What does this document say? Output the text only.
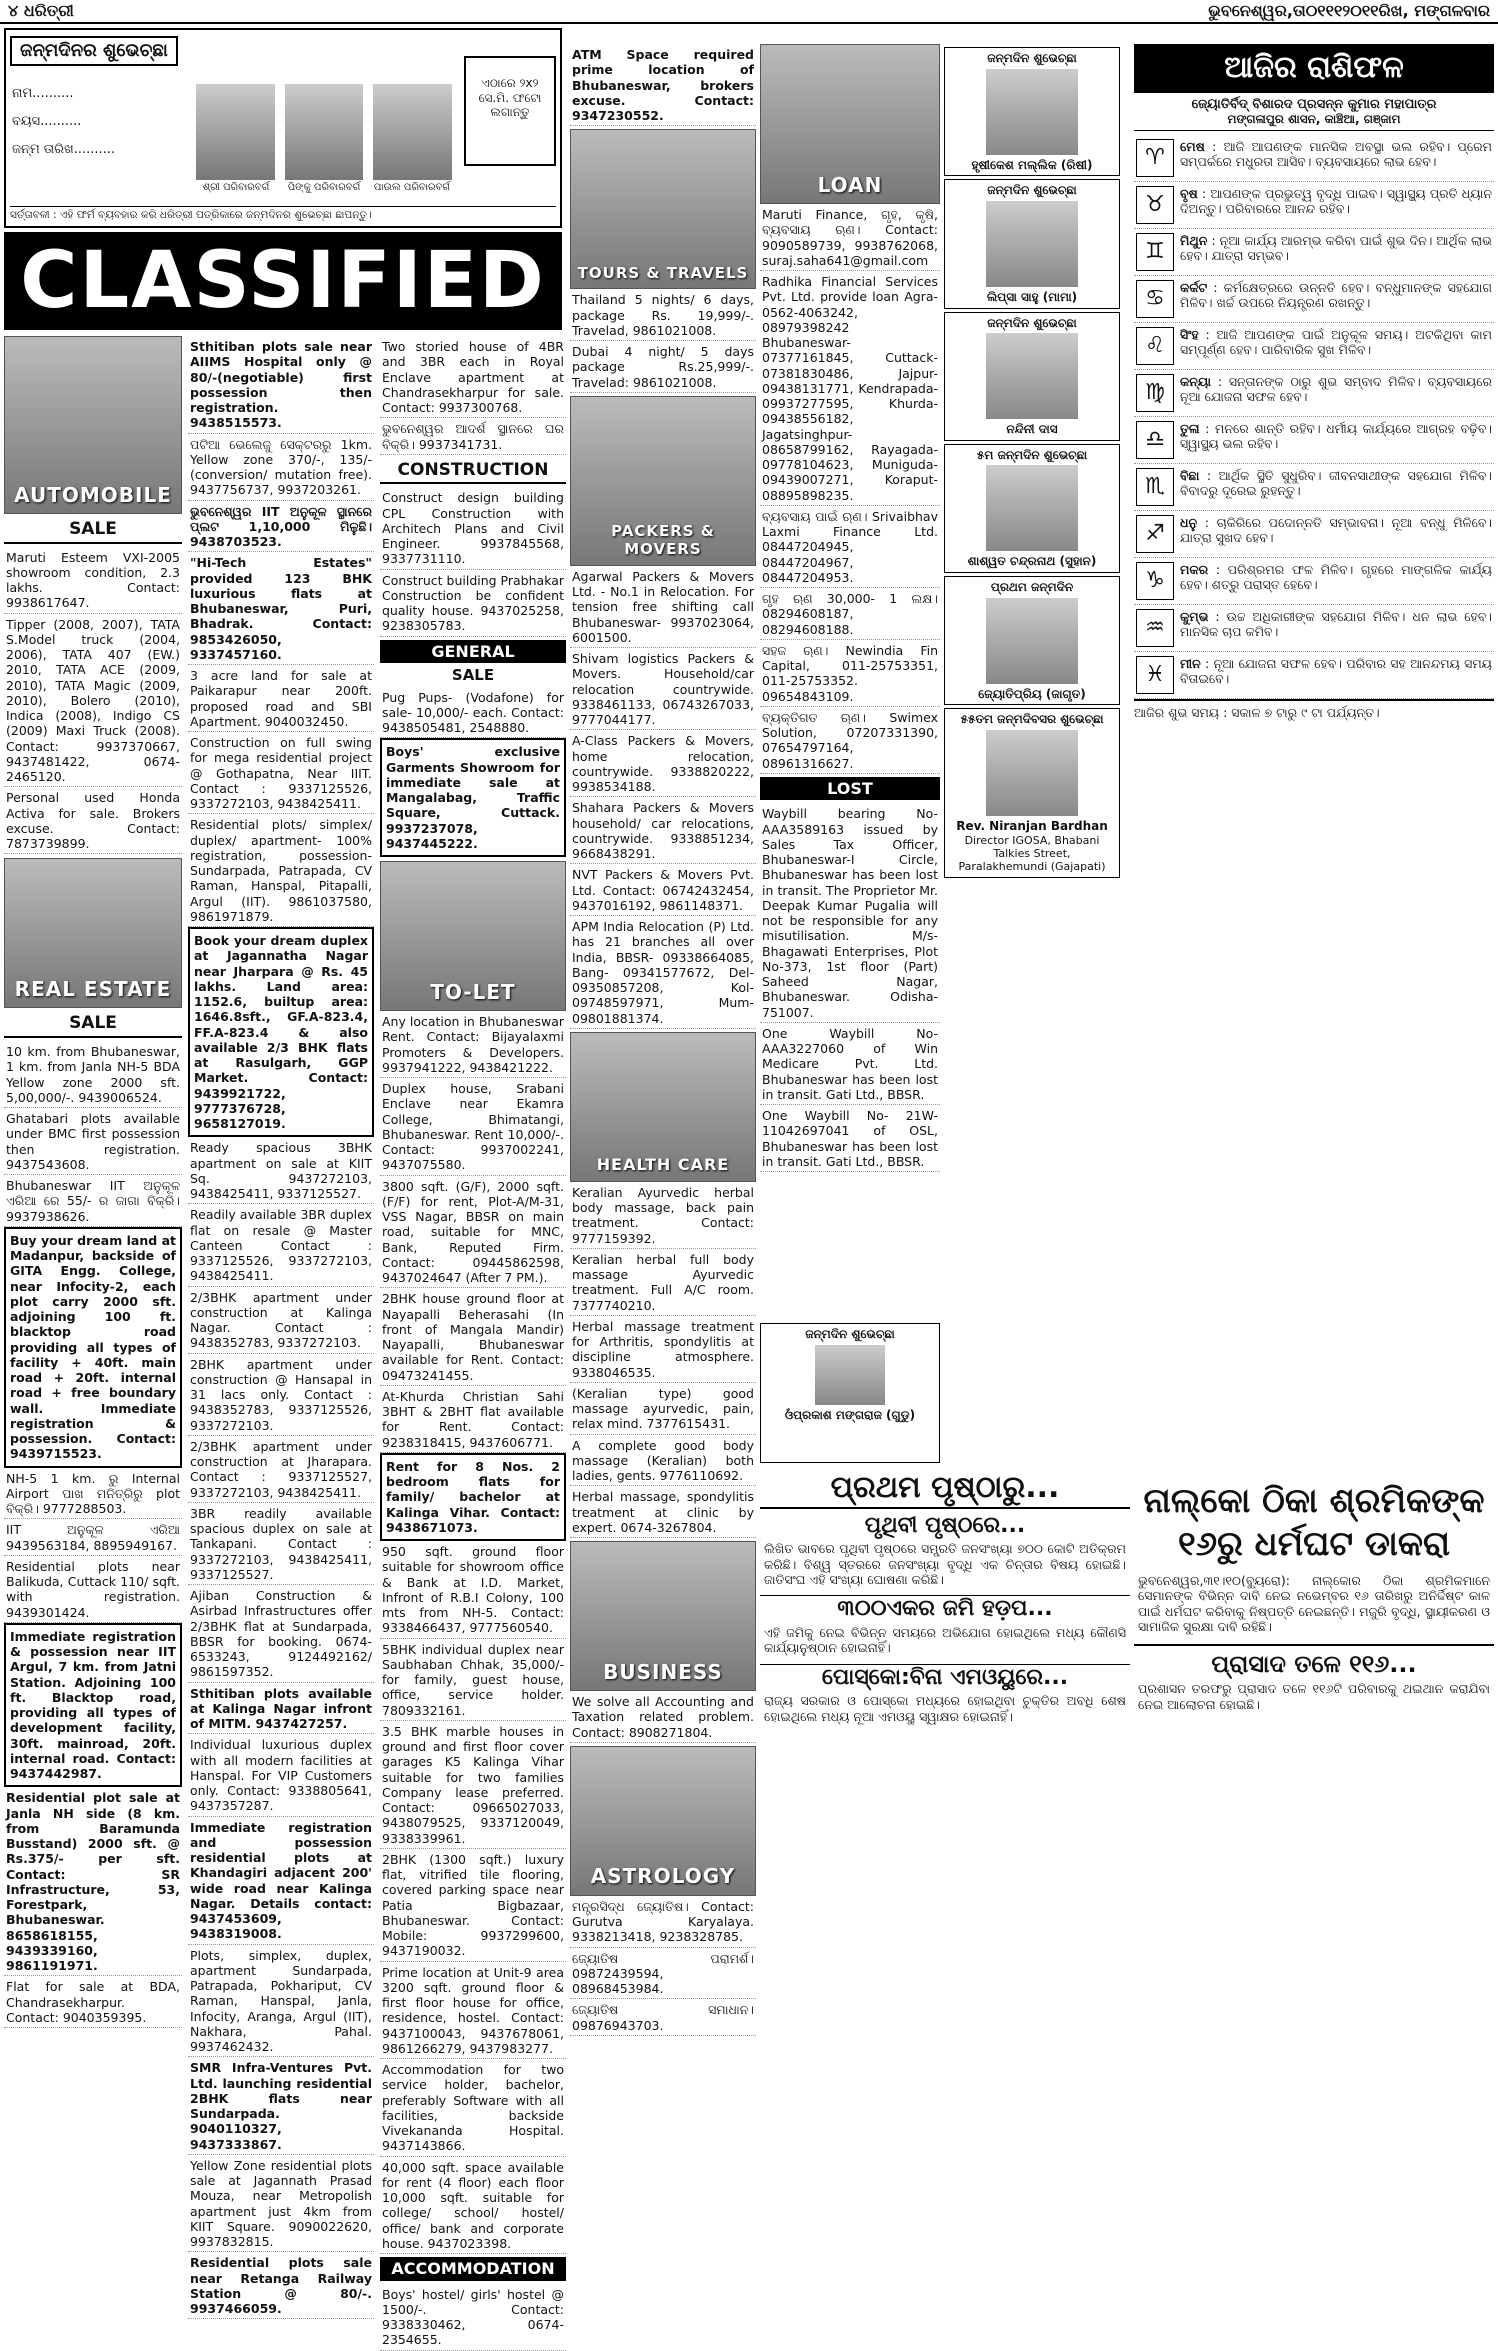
୪ ଧରିତ୍ରୀ	ଭୁବନେଶ୍ୱର,ତା୦୧୧୧୨୦୧୧ରିଖ, ମଙ୍ଗଳବାର
ଜନ୍ମଦିନର ଶୁଭେଚ୍ଛା
ନାମ..........
ବୟସ..........
ଜନ୍ମ ତାରିଖ..........
ଶ୍ରୀ ପରିବାରବର୍ଗ	ପିଙ୍କୁ ପରିବାରବର୍ଗ	ପାଉଲ ପରିବାରବର୍ଗ
ଏଠାରେ ୨x୨ ସେ.ମି. ଫଟୋ ଲଗାନ୍ତୁ
ସର୍ତ୍ତାବଳୀ : ଏହି ଫର୍ମ ବ୍ୟବହାର କରି ଧରିତ୍ରୀ ପତ୍ରିକାରେ ଜନ୍ମଦିନର ଶୁଭେଚ୍ଛା ଛାପନ୍ତୁ।
CLASSIFIED
AUTOMOBILE
SALE
Maruti Esteem VXI-2005 showroom condition, 2.3 lakhs. Contact: 9938617647.
Tipper (2008, 2007), TATA S.Model truck (2004, 2006), TATA 407 (EW.) 2010, TATA ACE (2009, 2010), TATA Magic (2009, 2010), Bolero (2010), Indica (2008), Indigo CS (2009) Maxi Truck (2008). Contact: 9937370667, 9437481422, 0674-2465120.
Personal used Honda Activa for sale. Brokers excuse. Contact: 7873739899.
REAL ESTATE
SALE
10 km. from Bhubaneswar, 1 km. from Janla NH-5 BDA Yellow zone 2000 sft. 5,00,000/-. 9439006524.
Ghatabari plots available under BMC first possession then registration. 9437543608.
Bhubaneswar IIT ଅନୁକୂଳ ଏରିଆ ରେ 55/- ର ଜାଗା ବିକ୍ରି। 9937938626.
Buy your dream land at Madanpur, backside of GITA Engg. College, near Infocity-2, each plot carry 2000 sft. adjoining 100 ft. blacktop road providing all types of facility + 40ft. main road + 20ft. internal road + free boundary wall. Immediate registration & possession. Contact: 9439715523.
NH-5 1 km. ରୁ Internal Airport ପାଖ ମନିତ୍ରିରୁ plot ବିକ୍ରି। 9777288503.
IIT ଅନୁକୂଳ ଏରିଆ 9439563184, 8895949167.
Residential plots near Balikuda, Cuttack 110/ sqft. with registration. 9439301424.
Immediate registration & possession near IIT Argul, 7 km. from Jatni Station. Adjoining 100 ft. Blacktop road, providing all types of development facility, 30ft. mainroad, 20ft. internal road. Contact: 9437442987.
Residential plot sale at Janla NH side (8 km. from Baramunda Busstand) 2000 sft. @ Rs.375/- per sft. Contact: SR Infrastructure, 53, Forestpark, Bhubaneswar. 8658618155, 9439339160, 9861191971.
Flat for sale at BDA, Chandrasekharpur. Contact: 9040359395.
Sthitiban plots sale near AIIMS Hospital only @ 80/-(negotiable) first possession then registration. 9438515573.
ପଟିଆ ଭେଲେଜୁ ସେକ୍ଟରରୁ 1km. Yellow zone 370/-, 135/-(conversion/ mutation free). 9437756737, 9937203261.
ଭୁବନେଶ୍ୱର IIT ଅନୁକୂଳ ସ୍ଥାନରେ ପ୍ଲଟ 1,10,000 ମିଳୁଛି। 9438703523.
"Hi-Tech Estates" provided 123 BHK luxurious flats at Bhubaneswar, Puri, Bhadrak. Contact: 9853426050, 9337457160.
3 acre land for sale at Paikarapur near 200ft. proposed road and SBI Apartment. 9040032450.
Construction on full swing for mega residential project @ Gothapatna, Near IIIT. Contact : 9337125526, 9337272103, 9438425411.
Residential plots/ simplex/ duplex/ apartment- 100% registration, possession- Sundarpada, Patrapada, CV Raman, Hanspal, Pitapalli, Argul (IIT). 9861037580, 9861971879.
Book your dream duplex at Jagannatha Nagar near Jharpara @ Rs. 45 lakhs. Land area: 1152.6, builtup area: 1646.8sft., GF.A-823.4, FF.A-823.4 & also available 2/3 BHK flats at Rasulgarh, GGP Market. Contact: 9439921722, 9777376728, 9658127019.
Ready spacious 3BHK apartment on sale at KIIT Sq. 9437272103, 9438425411, 9337125527.
Readily available 3BR duplex flat on resale @ Master Canteen Contact : 9337125526, 9337272103, 9438425411.
2/3BHK apartment under construction at Kalinga Nagar. Contact : 9438352783, 9337272103.
2BHK apartment under construction @ Hansapal in 31 lacs only. Contact : 9438352783, 9337125526, 9337272103.
2/3BHK apartment under construction at Jharapara. Contact : 9337125527, 9337272103, 9438425411.
3BR readily available spacious duplex on sale at Tankapani. Contact : 9337272103, 9438425411, 9337125527.
Ajiban Construction & Asirbad Infrastructures offer 2/3BHK flat at Sundarpada, BBSR for booking. 0674-6533243, 9124492162/ 9861597352.
Sthitiban plots available at Kalinga Nagar infront of MITM. 9437427257.
Individual luxurious duplex with all modern facilities at Hanspal. For VIP Customers only. Contact: 9338805641, 9437357287.
Immediate registration and possession residential plots at Khandagiri adjacent 200' wide road near Kalinga Nagar. Details contact: 9437453609, 9438319008.
Plots, simplex, duplex, apartment Sundarpada, Patrapada, Pokhariput, CV Raman, Hanspal, Janla, Infocity, Aranga, Argul (IIT), Nakhara, Pahal. 9937462432.
SMR Infra-Ventures Pvt. Ltd. launching residential 2BHK flats near Sundarpada. 9040110327, 9437333867.
Yellow Zone residential plots sale at Jagannath Prasad Mouza, near Metropolish apartment just 4km from KIIT Square. 9090022620, 9937832815.
Residential plots sale near Retanga Railway Station @ 80/-. 9937466059.
Two storied house of 4BR and 3BR each in Royal Enclave apartment at Chandrasekharpur for sale. Contact: 9937300768.
ଭୁବନେଶ୍ୱର ଆଦର୍ଶ ସ୍ଥାନରେ ଘର ବିକ୍ରି। 9937341731.
CONSTRUCTION
Construct design building CPL Construction with Architech Plans and Civil Engineer. 9937845568, 9337731110.
Construct building Prabhakar Construction be confident quality house. 9437025258, 9238305783.
GENERAL
SALE
Pug Pups- (Vodafone) for sale- 10,000/- each. Contact: 9438505481, 2548880.
Boys' exclusive Garments Showroom for immediate sale at Mangalabag, Traffic Square, Cuttack. 9937237078, 9437445222.
TO-LET
Any location in Bhubaneswar Rent. Contact: Bijayalaxmi Promoters & Developers. 9937941222, 9438421222.
Duplex house, Srabani Enclave near Ekamra College, Bhimatangi, Bhubaneswar. Rent 10,000/-. Contact: 9937002241, 9437075580.
3800 sqft. (G/F), 2000 sqft. (F/F) for rent, Plot-A/M-31, VSS Nagar, BBSR on main road, suitable for MNC, Bank, Reputed Firm. Contact: 09445862598, 9437024647 (After 7 PM.).
2BHK house ground floor at Nayapalli Beherasahi (In front of Mangala Mandir) Nayapalli, Bhubaneswar available for Rent. Contact: 09473241455.
At-Khurda Christian Sahi 3BHT & 2BHT flat available for Rent. Contact: 9238318415, 9437606771.
Rent for 8 Nos. 2 bedroom flats for family/ bachelor at Kalinga Vihar. Contact: 9438671073.
950 sqft. ground floor suitable for showroom office & Bank at I.D. Market, Infront of R.B.I Colony, 100 mts from NH-5. Contact: 9338466437, 9777560540.
5BHK individual duplex near Saubhaban Chhak, 35,000/- for family, guest house, office, service holder. 7809332161.
3.5 BHK marble houses in ground and first floor cover garages K5 Kalinga Vihar suitable for two families Company lease preferred. Contact: 09665027033, 9438079525, 9337120049, 9338339961.
2BHK (1300 sqft.) luxury flat, vitrified tile flooring, covered parking space near Patia Bigbazaar, Bhubaneswar. Contact: Mobile: 9937299600, 9437190032.
Prime location at Unit-9 area 3200 sqft. ground floor & first floor house for office, residence, hostel. Contact: 9437100043, 9437678061, 9861266279, 9437983277.
Accommodation for two service holder, bachelor, preferably Software with all facilities, backside Vivekananda Hospital. 9437143866.
40,000 sqft. space available for rent (4 floor) each floor 10,000 sqft. suitable for college/ school/ hostel/ office/ bank and corporate house. 9437023398.
ACCOMMODATION
Boys' hostel/ girls' hostel @ 1500/-. Contact: 9338330462, 0674-2354655.
ATM Space required prime location of Bhubaneswar, brokers excuse. Contact: 9347230552.
TOURS & TRAVELS
Thailand 5 nights/ 6 days, package Rs. 19,999/-. Travelad, 9861021008.
Dubai 4 night/ 5 days package Rs.25,999/-. Travelad: 9861021008.
PACKERS & MOVERS
Agarwal Packers & Movers Ltd. - No.1 in Relocation. For tension free shifting call Bhubaneswar- 9937023064, 6001500.
Shivam logistics Packers & Movers. Household/car relocation countrywide. 9338461133, 06743267033, 9777044177.
A-Class Packers & Movers, home relocation, countrywide. 9338820222, 9938534188.
Shahara Packers & Movers household/ car relocations, countrywide. 9338851234, 9668438291.
NVT Packers & Movers Pvt. Ltd. Contact: 06742432454, 9437016192, 9861148371.
APM India Relocation (P) Ltd. has 21 branches all over India, BBSR- 09338664085, Bang- 09341577672, Del- 09350857208, Kol- 09748597971, Mum- 09801881374.
HEALTH CARE
Keralian Ayurvedic herbal body massage, back pain treatment. Contact: 9777159392.
Keralian herbal full body massage Ayurvedic treatment. Full A/C room. 7377740210.
Herbal massage treatment for Arthritis, spondylitis at discipline atmosphere. 9338046535.
(Keralian type) good massage ayurvedic, pain, relax mind. 7377615431.
A complete good body massage (Keralian) both ladies, gents. 9776110692.
Herbal massage, spondylitis treatment at clinic by expert. 0674-3267804.
BUSINESS
We solve all Accounting and Taxation related problem. Contact: 8908271804.
ASTROLOGY
ମନ୍ତ୍ରସିଦ୍ଧ ଜ୍ୟୋତିଷ। Contact: Gurutva Karyalaya. 9338213418, 9238328785.
ଜ୍ୟୋତିଷ ପରାମର୍ଶ। 09872439594, 08968453984.
ଜ୍ୟୋତିଷ ସମାଧାନ। 09876943703.
LOAN
Maruti Finance, ଗୃହ, କୃଷି, ବ୍ୟବସାୟ ଋଣ। Contact: 9090589739, 9938762068, suraj.saha641@gmail.com
Radhika Financial Services Pvt. Ltd. provide loan Agra-0562-4063242, 08979398242 Bhubaneswar-07377161845, Cuttack- 07381830486, Jajpur- 09438131771, Kendrapada- 09937277595, Khurda- 09438556182, Jagatsinghpur- 08658799162, Rayagada- 09778104623, Muniguda- 09439007271, Koraput- 08895898235.
ବ୍ୟବସାୟ ପାଇଁ ଋଣ। Srivaibhav Laxmi Finance Ltd. 08447204945, 08447204967, 08447204953.
ଗୃହ ଋଣ 30,000- 1 ଲକ୍ଷ। 08294608187, 08294608188.
ସହଜ ଋଣ। Newindia Fin Capital, 011-25753351, 011-25753352. 09654843109.
ବ୍ୟକ୍ତିଗତ ଋଣ। Swimex Solution, 07207331390, 07654797164, 08961316627.
LOST
Waybill bearing No- AAA3589163 issued by Sales Tax Officer, Bhubaneswar-I Circle, Bhubaneswar has been lost in transit. The Proprietor Mr. Deepak Kumar Pugalia will not be responsible for any misutilisation. M/s- Bhagawati Enterprises, Plot No-373, 1st floor (Part) Saheed Nagar, Bhubaneswar. Odisha-751007.
One Waybill No- AAA3227060 of Win Medicare Pvt. Ltd. Bhubaneswar has been lost in transit. Gati Ltd., BBSR.
One Waybill No- 21W-11042697041 of OSL, Bhubaneswar has been lost in transit. Gati Ltd., BBSR.
ଜନ୍ମଦିନ ଶୁଭେଚ୍ଛା
ହୃଷୀକେଶ ମଲ୍ଲିକ (ରିଷୀ)
ଜନ୍ମଦିନ ଶୁଭେଚ୍ଛା
ଲିପ୍ସା ସାହୁ (ମାମା)
ଜନ୍ମଦିନ ଶୁଭେଚ୍ଛା
ନନ୍ଦିନୀ ଦାସ
୫ମ ଜନ୍ମଦିନ ଶୁଭେଚ୍ଛା
ଶାଶ୍ୱତ ଚନ୍ଦ୍ରନାଥ (ସୁହାନ)
ପ୍ରଥମ ଜନ୍ମଦିନ
ଜ୍ୟୋତିପ୍ରିୟ (ଜାଗୃତ)
୫୫ତମ ଜନ୍ମଦିବସର ଶୁଭେଚ୍ଛା
Rev. Niranjan Bardhan
Director IGOSA, Bhabani Talkies Street, Paralakhemundi (Gajapati)
ଜନ୍ମଦିନ ଶୁଭେଚ୍ଛା
ଓଁପ୍ରକାଶ ମଙ୍ଗରାଜ (ଗୁଡୁ)
ଆଜିର ରାଶିଫଳ
ଜ୍ୟୋତିର୍ବିଦ୍ ବିଶାରଦ ପ୍ରସନ୍ନ କୁମାର ମହାପାତ୍ର
ମଙ୍ଗଳାପୁର ଶାସନ, କାଞ୍ଚିଆ, ଗଞ୍ଜାମ
♈	ମେଷ : ଆଜି ଆପଣଙ୍କ ମାନସିକ ଅବସ୍ଥା ଭଲ ରହିବ। ପ୍ରେମ ସମ୍ପର୍କରେ ମଧୁରତା ଆସିବ। ବ୍ୟବସାୟରେ ଲାଭ ହେବ।
♉	ବୃଷ : ଆପଣଙ୍କ ପ୍ରଭୁତ୍ୱ ବୃଦ୍ଧି ପାଇବ। ସ୍ୱାସ୍ଥ୍ୟ ପ୍ରତି ଧ୍ୟାନ ଦିଅନ୍ତୁ। ପରିବାରରେ ଆନନ୍ଦ ରହିବ।
♊	ମିଥୁନ : ନୂଆ କାର୍ଯ୍ୟ ଆରମ୍ଭ କରିବା ପାଇଁ ଶୁଭ ଦିନ। ଆର୍ଥିକ ଲାଭ ହେବ। ଯାତ୍ରା ସମ୍ଭବ।
♋	କର୍କଟ : କର୍ମକ୍ଷେତ୍ରରେ ଉନ୍ନତି ହେବ। ବନ୍ଧୁମାନଙ୍କ ସହଯୋଗ ମିଳିବ। ଖର୍ଚ୍ଚ ଉପରେ ନିୟନ୍ତ୍ରଣ ରଖନ୍ତୁ।
♌	ସିଂହ : ଆଜି ଆପଣଙ୍କ ପାଇଁ ଅନୁକୂଳ ସମୟ। ଅଟକିଥିବା କାମ ସମ୍ପୂର୍ଣ୍ଣ ହେବ। ପାରିବାରିକ ସୁଖ ମିଳିବ।
♍	କନ୍ୟା : ସନ୍ତାନଙ୍କ ଠାରୁ ଶୁଭ ସମ୍ବାଦ ମିଳିବ। ବ୍ୟବସାୟରେ ନୂଆ ଯୋଜନା ସଫଳ ହେବ।
♎	ତୁଳା : ମନରେ ଶାନ୍ତି ରହିବ। ଧର୍ମୀୟ କାର୍ଯ୍ୟରେ ଆଗ୍ରହ ବଢ଼ିବ। ସ୍ୱାସ୍ଥ୍ୟ ଭଲ ରହିବ।
♏	ବିଛା : ଆର୍ଥିକ ସ୍ଥିତି ସୁଧୁରିବ। ଜୀବନସାଥୀଙ୍କ ସହଯୋଗ ମିଳିବ। ବିବାଦରୁ ଦୂରେଇ ରୁହନ୍ତୁ।
♐	ଧନୁ : ଚାକିରିରେ ପଦୋନ୍ନତି ସମ୍ଭାବନା। ନୂଆ ବନ୍ଧୁ ମିଳିବେ। ଯାତ୍ରା ସୁଖଦ ହେବ।
♑	ମକର : ପରିଶ୍ରମର ଫଳ ମିଳିବ। ଗୃହରେ ମାଙ୍ଗଳିକ କାର୍ଯ୍ୟ ହେବ। ଶତ୍ରୁ ପରାସ୍ତ ହେବେ।
♒	କୁମ୍ଭ : ଉଚ୍ଚ ଅଧିକାରୀଙ୍କ ସହଯୋଗ ମିଳିବ। ଧନ ଲାଭ ହେବ। ମାନସିକ ଚାପ କମିବ।
♓	ମୀନ : ନୂଆ ଯୋଜନା ସଫଳ ହେବ। ପରିବାର ସହ ଆନନ୍ଦମୟ ସମୟ ବିତାଇବେ।
ଆଜିର ଶୁଭ ସମୟ : ସକାଳ ୭ ଟାରୁ ୯ ଟା ପର୍ଯ୍ୟନ୍ତ।
ପ୍ରଥମ ପୃଷ୍ଠାରୁ...
ପୃଥିବୀ ପୃଷ୍ଠରେ...
ଲିଖିତ ଭାବରେ ପୃଥିବୀ ପୃଷ୍ଠରେ ସମ୍ପ୍ରତି ଜନସଂଖ୍ୟା ୭୦୦ କୋଟି ଅତିକ୍ରମ କରିଛି। ବିଶ୍ୱ ସ୍ତରରେ ଜନସଂଖ୍ୟା ବୃଦ୍ଧି ଏକ ଚିନ୍ତାର ବିଷୟ ହୋଇଛି। ଜାତିସଂଘ ଏହି ସଂଖ୍ୟା ଘୋଷଣା କରିଛି।
୩୦୦ଏକର ଜମି ହଡ଼ପ...
ଏହି ଜମିକୁ ନେଇ ବିଭିନ୍ନ ସମୟରେ ଅଭିଯୋଗ ହୋଇଥିଲେ ମଧ୍ୟ କୌଣସି କାର୍ଯ୍ୟାନୁଷ୍ଠାନ ହୋଇନାହିଁ।
ପୋସ୍କୋ:ବିନା ଏମଓୟୁରେ...
ରାଜ୍ୟ ସରକାର ଓ ପୋସ୍କୋ ମଧ୍ୟରେ ହୋଇଥିବା ଚୁକ୍ତିର ଅବଧି ଶେଷ ହୋଇଥିଲେ ମଧ୍ୟ ନୂଆ ଏମଓୟୁ ସ୍ୱାକ୍ଷର ହୋଇନାହିଁ।
ନାଲ୍‌କୋ ଠିକା ଶ୍ରମିକଙ୍କ ୧୬ରୁ ଧର୍ମଘଟ ଡାକରା
ଭୁବନେଶ୍ୱର,୩୧।୧୦(ବ୍ୟୁରୋ): ନାଲ୍‌କୋର ଠିକା ଶ୍ରମିକମାନେ ସେମାନଙ୍କ ବିଭିନ୍ନ ଦାବି ନେଇ ନଭେମ୍ବର ୧୬ ତାରିଖରୁ ଅନିର୍ଦ୍ଦିଷ୍ଟ କାଳ ପାଇଁ ଧର୍ମଘଟ କରିବାକୁ ନିଷ୍ପତ୍ତି ନେଇଛନ୍ତି। ମଜୁରି ବୃଦ୍ଧି, ସ୍ଥାୟୀକରଣ ଓ ସାମାଜିକ ସୁରକ୍ଷା ଦାବି ରହିଛି।
ପ୍ରାସାଦ ତଳେ ୧୧୬...
ପ୍ରଶାସନ ତରଫରୁ ପ୍ରାସାଦ ତଳେ ୧୧୬ଟି ପରିବାରକୁ ଥଇଥାନ କରାଯିବା ନେଇ ଆଲୋଚନା ହୋଇଛି।
